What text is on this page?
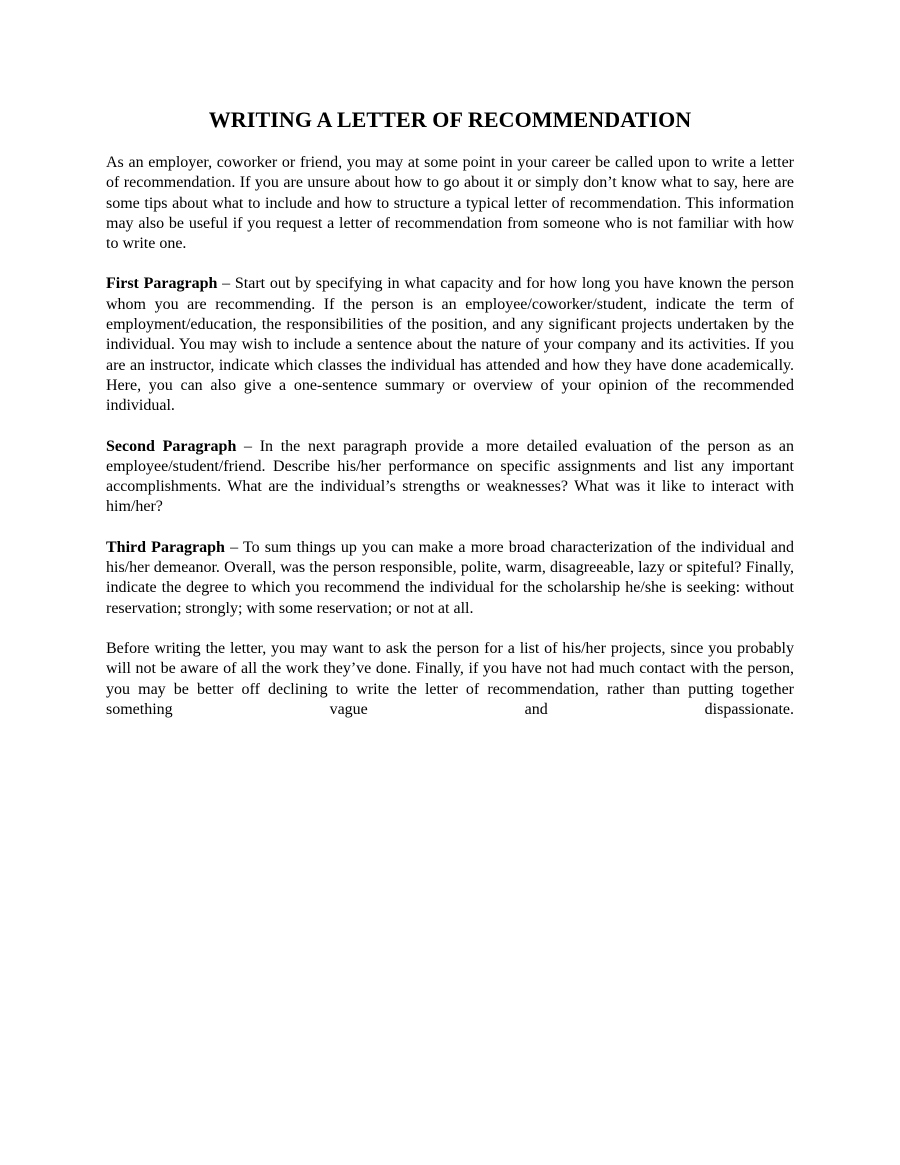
WRITING A LETTER OF RECOMMENDATION

As an employer, coworker or friend, you may at some point in your career be called upon to write a letter of recommendation. If you are unsure about how to go about it or simply don’t know what to say, here are some tips about what to include and how to structure a typical letter of recommendation. This information may also be useful if you request a letter of recommendation from someone who is not familiar with how to write one.

First Paragraph – Start out by specifying in what capacity and for how long you have known the person whom you are recommending. If the person is an employee/coworker/student, indicate the term of employment/education, the responsibilities of the position, and any significant projects undertaken by the individual. You may wish to include a sentence about the nature of your company and its activities. If you are an instructor, indicate which classes the individual has attended and how they have done academically. Here, you can also give a one-sentence summary or overview of your opinion of the recommended individual.

Second Paragraph – In the next paragraph provide a more detailed evaluation of the person as an employee/student/friend. Describe his/her performance on specific assignments and list any important accomplishments. What are the individual’s strengths or weaknesses? What was it like to interact with him/her?

Third Paragraph – To sum things up you can make a more broad characterization of the individual and his/her demeanor. Overall, was the person responsible, polite, warm, disagreeable, lazy or spiteful? Finally, indicate the degree to which you recommend the individual for the scholarship he/she is seeking: without reservation; strongly; with some reservation; or not at all.

Before writing the letter, you may want to ask the person for a list of his/her projects, since you probably will not be aware of all the work they’ve done. Finally, if you have not had much contact with the person, you may be better off declining to write the letter of recommendation, rather than putting together something vague and dispassionate.
